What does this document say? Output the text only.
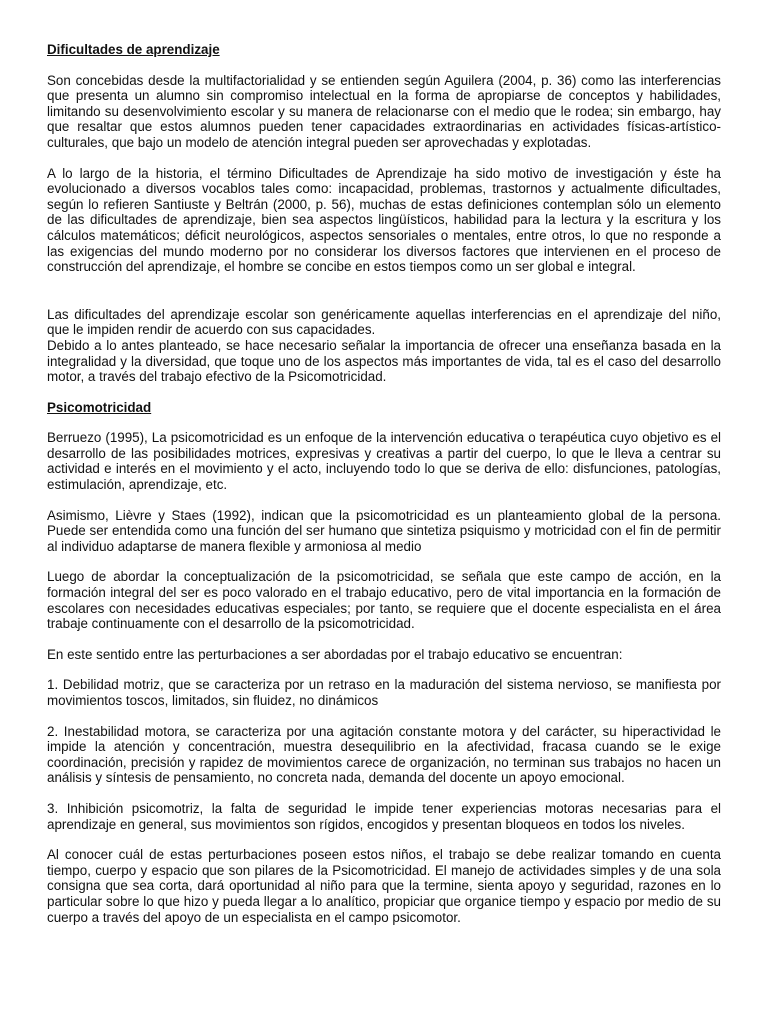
Dificultades de aprendizaje
Son concebidas desde la multifactorialidad y se entienden según Aguilera (2004, p. 36) como las interferencias que presenta un alumno sin compromiso intelectual en la forma de apropiarse de conceptos y habilidades, limitando su desenvolvimiento escolar y su manera de relacionarse con el medio que le rodea; sin embargo, hay que resaltar que estos alumnos pueden tener capacidades extraordinarias en actividades físicas-artístico-culturales, que bajo un modelo de atención integral pueden ser aprovechadas y explotadas.
A lo largo de la historia, el término Dificultades de Aprendizaje ha sido motivo de investigación y éste ha evolucionado a diversos vocablos tales como: incapacidad, problemas, trastornos y actualmente dificultades, según lo refieren Santiuste y Beltrán (2000, p. 56), muchas de estas definiciones contemplan sólo un elemento de las dificultades de aprendizaje, bien sea aspectos lingüísticos, habilidad para la lectura y la escritura y los cálculos matemáticos; déficit neurológicos, aspectos sensoriales o mentales, entre otros, lo que no responde a las exigencias del mundo moderno por no considerar los diversos factores que intervienen en el proceso de construcción del aprendizaje, el hombre se concibe en estos tiempos como un ser global e integral.
Las dificultades del aprendizaje escolar son genéricamente aquellas interferencias en el aprendizaje del niño, que le impiden rendir de acuerdo con sus capacidades.
Debido a lo antes planteado, se hace necesario señalar la importancia de ofrecer una enseñanza basada en la integralidad y la diversidad, que toque uno de los aspectos más importantes de vida, tal es el caso del desarrollo motor, a través del trabajo efectivo de la Psicomotricidad.
Psicomotricidad
Berruezo (1995), La psicomotricidad es un enfoque de la intervención educativa o terapéutica cuyo objetivo es el desarrollo de las posibilidades motrices, expresivas y creativas a partir del cuerpo, lo que le lleva a centrar su actividad e interés en el movimiento y el acto, incluyendo todo lo que se deriva de ello: disfunciones, patologías, estimulación, aprendizaje, etc.
Asimismo, Lièvre y Staes (1992), indican que la psicomotricidad es un planteamiento global de la persona. Puede ser entendida como una función del ser humano que sintetiza psiquismo y motricidad con el fin de permitir al individuo adaptarse de manera flexible y armoniosa al medio
Luego de abordar la conceptualización de la psicomotricidad, se señala que este campo de acción, en la formación integral del ser es poco valorado en el trabajo educativo, pero de vital importancia en la formación de escolares con necesidades educativas especiales; por tanto, se requiere que el docente especialista en el área trabaje continuamente con el desarrollo de la psicomotricidad.
En este sentido entre las perturbaciones a ser abordadas por el trabajo educativo se encuentran:
1. Debilidad motriz, que se caracteriza por un retraso en la maduración del sistema nervioso, se manifiesta por movimientos toscos, limitados, sin fluidez, no dinámicos
2. Inestabilidad motora, se caracteriza por una agitación constante motora y del carácter, su hiperactividad le impide la atención y concentración, muestra desequilibrio en la afectividad, fracasa cuando se le exige coordinación, precisión y rapidez de movimientos carece de organización, no terminan sus trabajos no hacen un análisis y síntesis de pensamiento, no concreta nada, demanda del docente un apoyo emocional.
3. Inhibición psicomotriz, la falta de seguridad le impide tener experiencias motoras necesarias para el aprendizaje en general, sus movimientos son rígidos, encogidos y presentan bloqueos en todos los niveles.
Al conocer cuál de estas perturbaciones poseen estos niños, el trabajo se debe realizar tomando en cuenta tiempo, cuerpo y espacio que son pilares de la Psicomotricidad. El manejo de actividades simples y de una sola consigna que sea corta, dará oportunidad al niño para que la termine, sienta apoyo y seguridad, razones en lo particular sobre lo que hizo y pueda llegar a lo analítico, propiciar que organice tiempo y espacio por medio de su cuerpo a través del apoyo de un especialista en el campo psicomotor.
